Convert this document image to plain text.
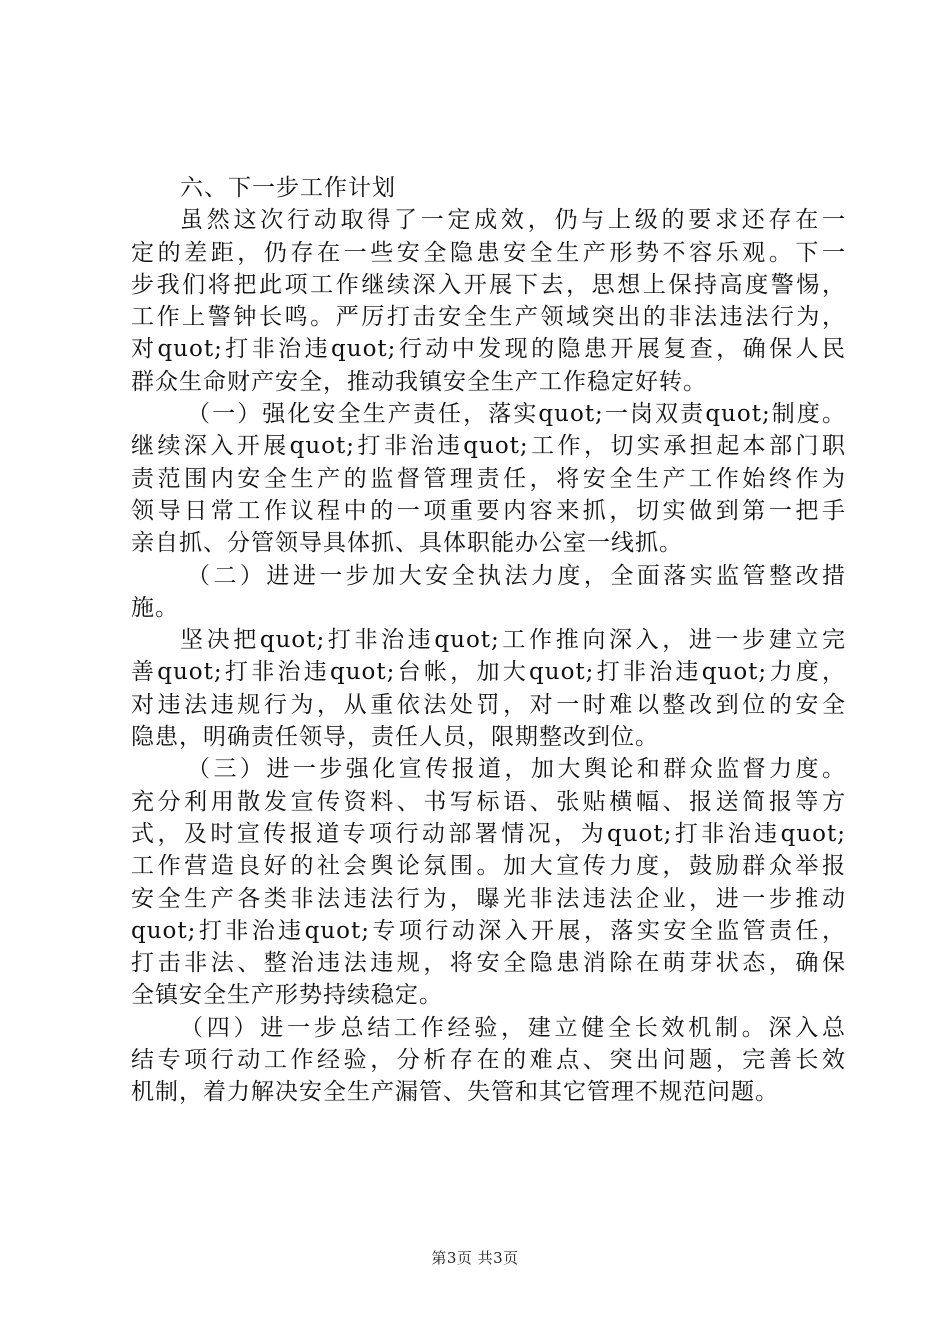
六、下一步工作计划
虽然这次行动取得了一定成效，仍与上级的要求还存在一
定的差距，仍存在一些安全隐患安全生产形势不容乐观。下一
步我们将把此项工作继续深入开展下去，思想上保持高度警惕，
工作上警钟长鸣。严厉打击安全生产领域突出的非法违法行为，
对quot;打非治违quot;行动中发现的隐患开展复查，确保人民
群众生命财产安全，推动我镇安全生产工作稳定好转。
（一）强化安全生产责任，落实quot;一岗双责quot;制度。
继续深入开展quot;打非治违quot;工作，切实承担起本部门职
责范围内安全生产的监督管理责任，将安全生产工作始终作为
领导日常工作议程中的一项重要内容来抓，切实做到第一把手
亲自抓、分管领导具体抓、具体职能办公室一线抓。
（二）进进一步加大安全执法力度，全面落实监管整改措
施。
坚决把quot;打非治违quot;工作推向深入，进一步建立完
善quot;打非治违quot;台帐，加大quot;打非治违quot;力度，
对违法违规行为，从重依法处罚，对一时难以整改到位的安全
隐患，明确责任领导，责任人员，限期整改到位。
（三）进一步强化宣传报道，加大舆论和群众监督力度。
充分利用散发宣传资料、书写标语、张贴横幅、报送简报等方
式，及时宣传报道专项行动部署情况，为quot;打非治违quot;
工作营造良好的社会舆论氛围。加大宣传力度，鼓励群众举报
安全生产各类非法违法行为，曝光非法违法企业，进一步推动
quot;打非治违quot;专项行动深入开展，落实安全监管责任，
打击非法、整治违法违规，将安全隐患消除在萌芽状态，确保
全镇安全生产形势持续稳定。
（四）进一步总结工作经验，建立健全长效机制。深入总
结专项行动工作经验，分析存在的难点、突出问题，完善长效
机制，着力解决安全生产漏管、失管和其它管理不规范问题。
第3页 共3页
